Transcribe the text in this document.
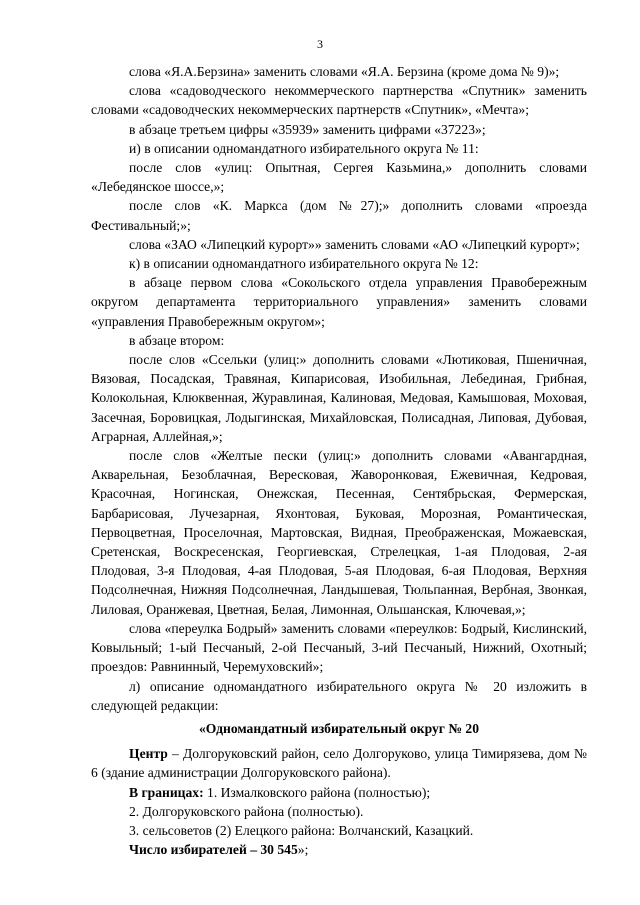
3

слова «Я.А.Берзина» заменить словами «Я.А. Берзина (кроме дома № 9)»;

слова «садоводческого некоммерческого партнерства «Спутник» заменить словами «садоводческих некоммерческих партнерств «Спутник», «Мечта»;

в абзаце третьем цифры «35939» заменить цифрами «37223»;

и) в описании одномандатного избирательного округа № 11:

после слов «улиц: Опытная, Сергея Казьмина,» дополнить словами «Лебедянское шоссе,»;

после слов «К. Маркса (дом №27);» дополнить словами «проезда Фестивальный;»;

слова «ЗАО «Липецкий курорт»» заменить словами «АО «Липецкий курорт»;

к) в описании одномандатного избирательного округа № 12:

в абзаце первом слова «Сокольского отдела управления Правобережным округом департамента территориального управления» заменить словами «управления Правобережным округом»;

в абзаце втором:

после слов «Ссельки (улиц:» дополнить словами «Лютиковая, Пшеничная, Вязовая, Посадская, Травяная, Кипарисовая, Изобильная, Лебединая, Грибная, Колокольная, Клюквенная, Журавлиная, Калиновая, Медовая, Камышовая, Моховая, Засечная, Боровицкая, Лодыгинская, Михайловская, Полисадная, Липовая, Дубовая, Аграрная, Аллейная,»;

после слов «Желтые пески (улиц:» дополнить словами «Авангардная, Акварельная, Безоблачная, Вересковая, Жаворонковая, Ежевичная, Кедровая, Красочная, Ногинская, Онежская, Песенная, Сентябрьская, Фермерская, Барбарисовая, Лучезарная, Яхонтовая, Буковая, Морозная, Романтическая, Первоцветная, Проселочная, Мартовская, Видная, Преображенская, Можаевская, Сретенская, Воскресенская, Георгиевская, Стрелецкая, 1-ая Плодовая, 2-ая Плодовая, 3-я Плодовая, 4-ая Плодовая, 5-ая Плодовая, 6-ая Плодовая, Верхняя Подсолнечная, Нижняя Подсолнечная, Ландышевая, Тюльпанная, Вербная, Звонкая, Лиловая, Оранжевая, Цветная, Белая, Лимонная, Ольшанская, Ключевая,»;

слова «переулка Бодрый» заменить словами «переулков: Бодрый, Кислинский, Ковыльный; 1-ый Песчаный, 2-ой Песчаный, 3-ий Песчаный, Нижний, Охотный; проездов: Равнинный, Черемуховский»;

л) описание одномандатного избирательного округа № 20 изложить в следующей редакции:

«Одномандатный избирательный округ № 20

Центр – Долгоруковский район, село Долгоруково, улица Тимирязева, дом № 6 (здание администрации Долгоруковского района).

В границах: 1. Измалковского района (полностью);

2. Долгоруковского района (полностью).

3. сельсоветов (2) Елецкого района: Волчанский, Казацкий.

Число избирателей – 30 545»;
